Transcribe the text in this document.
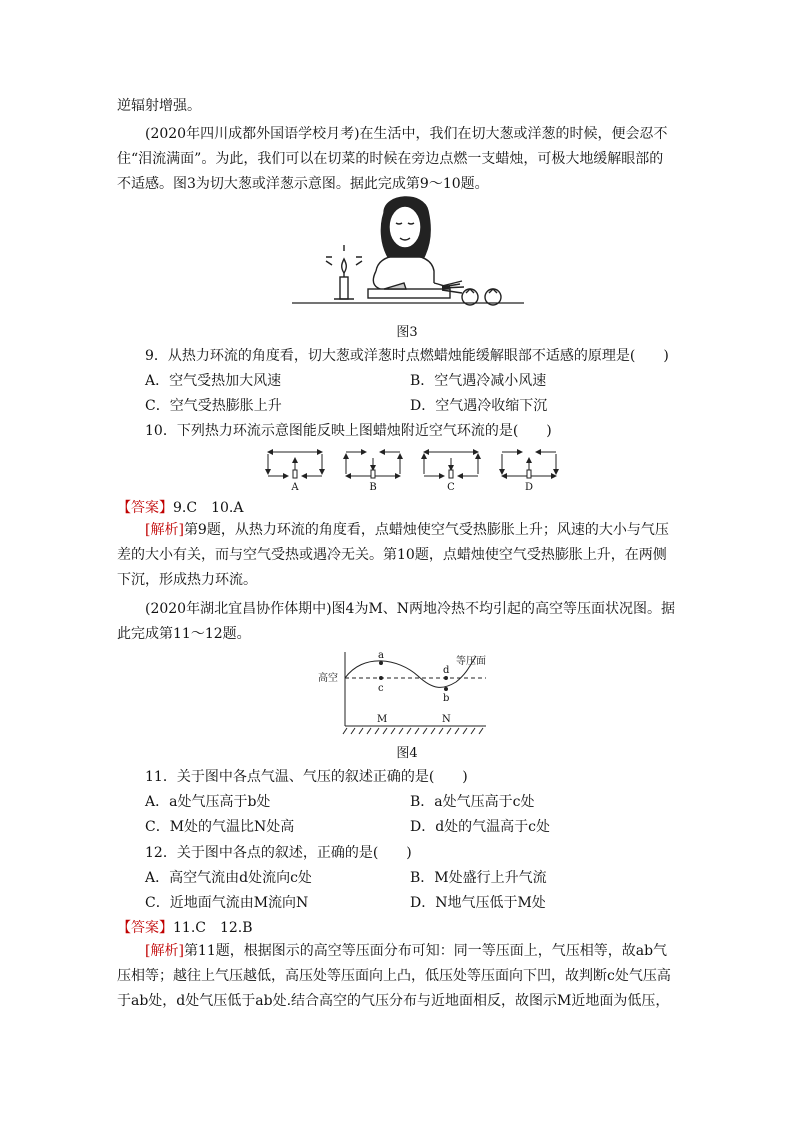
逆辐射增强。
(2020年四川成都外国语学校月考)在生活中，我们在切大葱或洋葱的时候，便会忍不住“泪流满面”。为此，我们可以在切菜的时候在旁边点燃一支蜡烛，可极大地缓解眼部的不适感。图3为切大葱或洋葱示意图。据此完成第9～10题。
图3
9．从热力环流的角度看，切大葱或洋葱时点燃蜡烛能缓解眼部不适感的原理是(　　)
A．空气受热加大风速	B．空气遇冷减小风速
C．空气受热膨胀上升	D．空气遇冷收缩下沉
10．下列热力环流示意图能反映上图蜡烛附近空气环流的是(　　)
A	B	C	D
【答案】9.C　10.A
[解析]第9题，从热力环流的角度看，点蜡烛使空气受热膨胀上升；风速的大小与气压差的大小有关，而与空气受热或遇冷无关。第10题，点蜡烛使空气受热膨胀上升，在两侧下沉，形成热力环流。
(2020年湖北宜昌协作体期中)图4为M、N两地冷热不均引起的高空等压面状况图。据此完成第11～12题。
高空
等压面
a
b
c
d
M	N
图4
11．关于图中各点气温、气压的叙述正确的是(　　)
A．a处气压高于b处	B．a处气压高于c处
C．M处的气温比N处高	D．d处的气温高于c处
12．关于图中各点的叙述，正确的是(　　)
A．高空气流由d处流向c处	B．M处盛行上升气流
C．近地面气流由M流向N	D．N地气压低于M处
【答案】11.C　12.B
[解析]第11题，根据图示的高空等压面分布可知：同一等压面上，气压相等，故ab气压相等；越往上气压越低，高压处等压面向上凸，低压处等压面向下凹，故判断c处气压高于ab处，d处气压低于ab处.结合高空的气压分布与近地面相反，故图示M近地面为低压，
